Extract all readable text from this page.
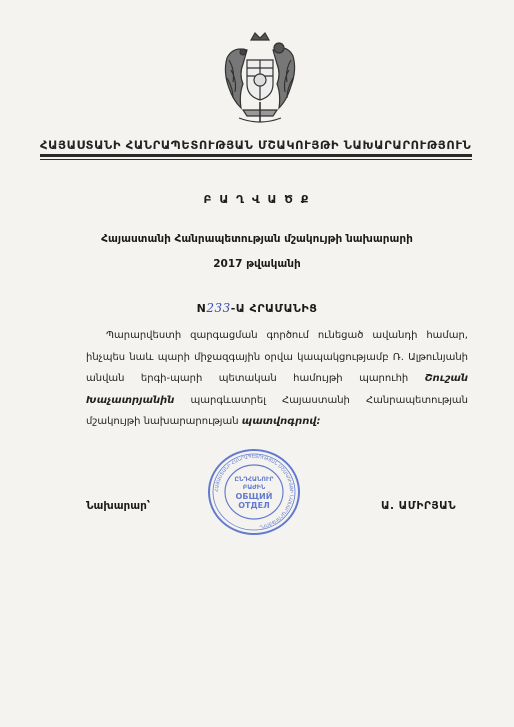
ՀԱՅԱՍՏԱՆԻ ՀԱՆՐԱՊԵՏՈՒԹՅԱՆ ՄՇԱԿՈՒՅԹԻ ՆԱԽԱՐԱՐՈՒԹՅՈՒՆ
Բ Ա Ղ Վ Ա Ծ Ք
Հայաստանի Հանրապետության մշակույթի նախարարի
2017 թվականի
N233-Ա ՀՐԱՄԱՆԻՑ
Պարարվեստի զարգացման գործում ունեցած ավանդի համար, ինչպես նաև պարի միջազգային օրվա կապակցությամբ Ռ. Ալթունյանի անվան երգի-պարի պետական համույթի պարուհի Շուշան Խաչատրյանին պարգևատրել Հայաստանի Հանրապետության մշակույթի նախարարության պատվոգրով:
ՀԱՅԱՍՏԱՆԻ ՀԱՆՐԱՊԵՏՈՒԹՅԱՆ ՄՇԱԿՈՒՅԹԻ ՆԱԽԱՐԱՐՈՒԹՅՈՒՆ
ԸՆԴՀԱՆՈՒՐ
ԲԱԺԻՆ
ОБЩИЙ
ОТДЕЛ
Նախարար՝	Ա. ԱՄԻՐՅԱՆ
